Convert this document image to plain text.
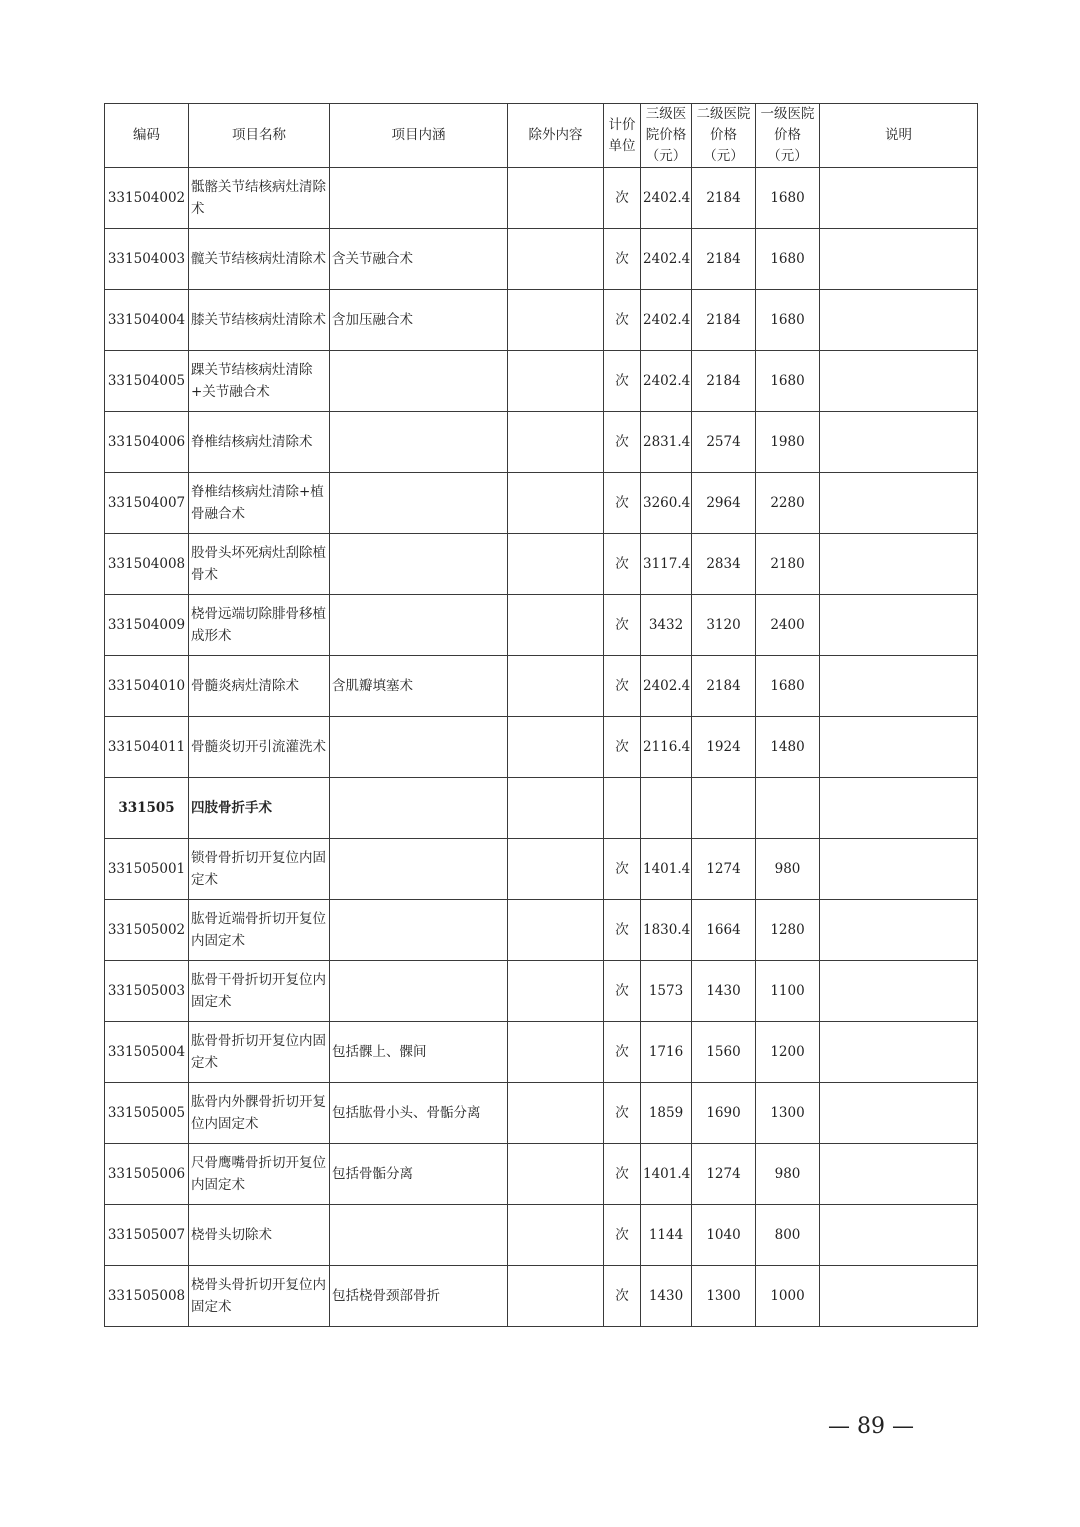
编码	项目名称	项目内涵	除外内容	计价单位	三级医院价格（元）	二级医院价格（元）	一级医院价格（元）	说明
331504002	骶髂关节结核病灶清除术			次	2402.4	2184	1680	
331504003	髋关节结核病灶清除术	含关节融合术		次	2402.4	2184	1680	
331504004	膝关节结核病灶清除术	含加压融合术		次	2402.4	2184	1680	
331504005	踝关节结核病灶清除+关节融合术			次	2402.4	2184	1680	
331504006	脊椎结核病灶清除术			次	2831.4	2574	1980	
331504007	脊椎结核病灶清除+植骨融合术			次	3260.4	2964	2280	
331504008	股骨头坏死病灶刮除植骨术			次	3117.4	2834	2180	
331504009	桡骨远端切除腓骨移植成形术			次	3432	3120	2400	
331504010	骨髓炎病灶清除术	含肌瓣填塞术		次	2402.4	2184	1680	
331504011	骨髓炎切开引流灌洗术			次	2116.4	1924	1480	
331505	四肢骨折手术							
331505001	锁骨骨折切开复位内固定术			次	1401.4	1274	980	
331505002	肱骨近端骨折切开复位内固定术			次	1830.4	1664	1280	
331505003	肱骨干骨折切开复位内固定术			次	1573	1430	1100	
331505004	肱骨骨折切开复位内固定术	包括髁上、髁间		次	1716	1560	1200	
331505005	肱骨内外髁骨折切开复位内固定术	包括肱骨小头、骨骺分离		次	1859	1690	1300	
331505006	尺骨鹰嘴骨折切开复位内固定术	包括骨骺分离		次	1401.4	1274	980	
331505007	桡骨头切除术			次	1144	1040	800	
331505008	桡骨头骨折切开复位内固定术	包括桡骨颈部骨折		次	1430	1300	1000	
— 89 —
